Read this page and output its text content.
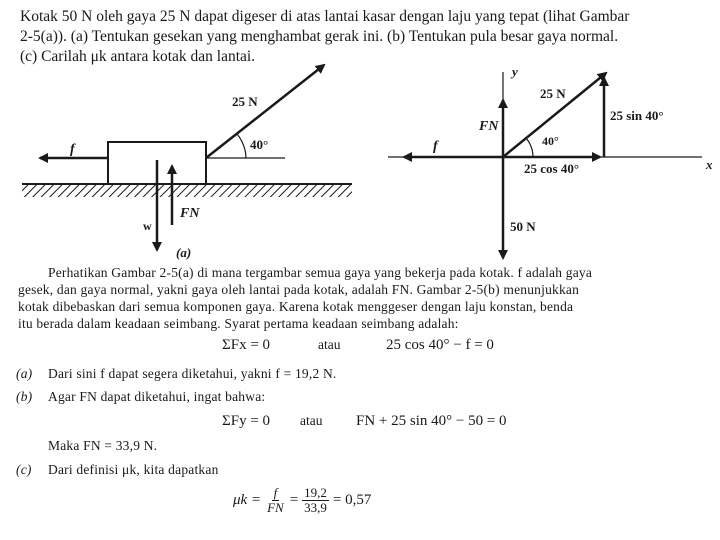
Kotak 50 N oleh gaya 25 N dapat digeser di atas lantai kasar dengan laju yang tepat (lihat Gambar
2-5(a)). (a) Tentukan gesekan yang menghambat gerak ini. (b) Tentukan pula besar gaya normal.
(c) Carilah μk antara kotak dan lantai.
25 N
40°
f
w
FN
(a)
y
x
25 N
25 sin 40°
25 cos 40°
40°
FN
f
50 N
Perhatikan Gambar 2-5(a) di mana tergambar semua gaya yang bekerja pada kotak. f adalah gaya
gesek, dan gaya normal, yakni gaya oleh lantai pada kotak, adalah FN. Gambar 2-5(b) menunjukkan
kotak dibebaskan dari semua komponen gaya. Karena kotak menggeser dengan laju konstan, benda
itu berada dalam keadaan seimbang. Syarat pertama keadaan seimbang adalah:
ΣFx = 0	atau	25 cos 40° − f = 0
(a) Dari sini f dapat segera diketahui, yakni f = 19,2 N.
(b) Agar FN dapat diketahui, ingat bahwa:
ΣFy = 0 atau FN + 25 sin 40° − 50 = 0
Maka FN = 33,9 N.
(c) Dari definisi μk, kita dapatkan
$\mu k = \frac{f}{FN} = \frac{19,2}{33,9} = 0,57$
